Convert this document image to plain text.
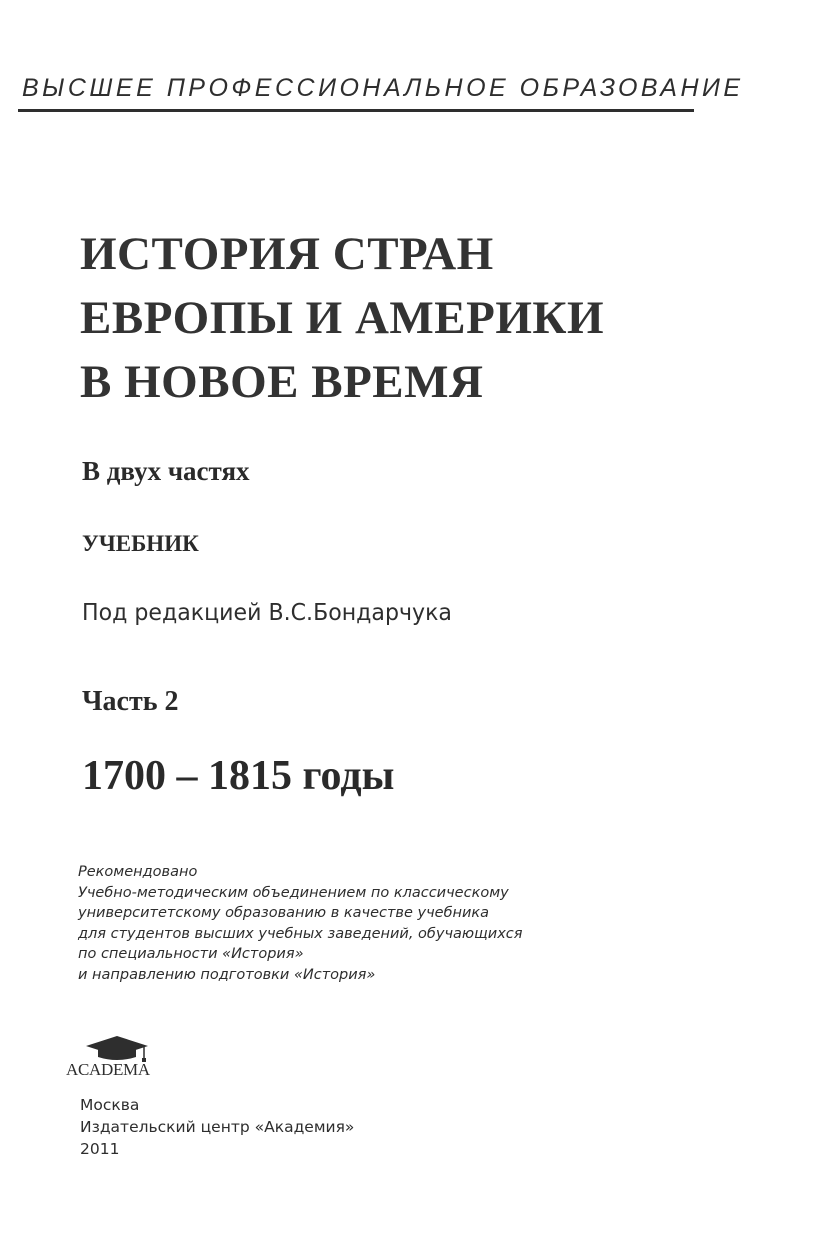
ВЫСШЕЕ ПРОФЕССИОНАЛЬНОЕ ОБРАЗОВАНИЕ
ИСТОРИЯ СТРАН
ЕВРОПЫ И АМЕРИКИ
В НОВОЕ ВРЕМЯ
В двух частях
УЧЕБНИК
Под редакцией В.С.Бондарчука
Часть 2
1700 – 1815 годы
Рекомендовано
Учебно-методическим объединением по классическому
университетскому образованию в качестве учебника
для студентов высших учебных заведений, обучающихся
по специальности «История»
и направлению подготовки «История»
ACADEMA
Москва
Издательский центр «Академия»
2011
